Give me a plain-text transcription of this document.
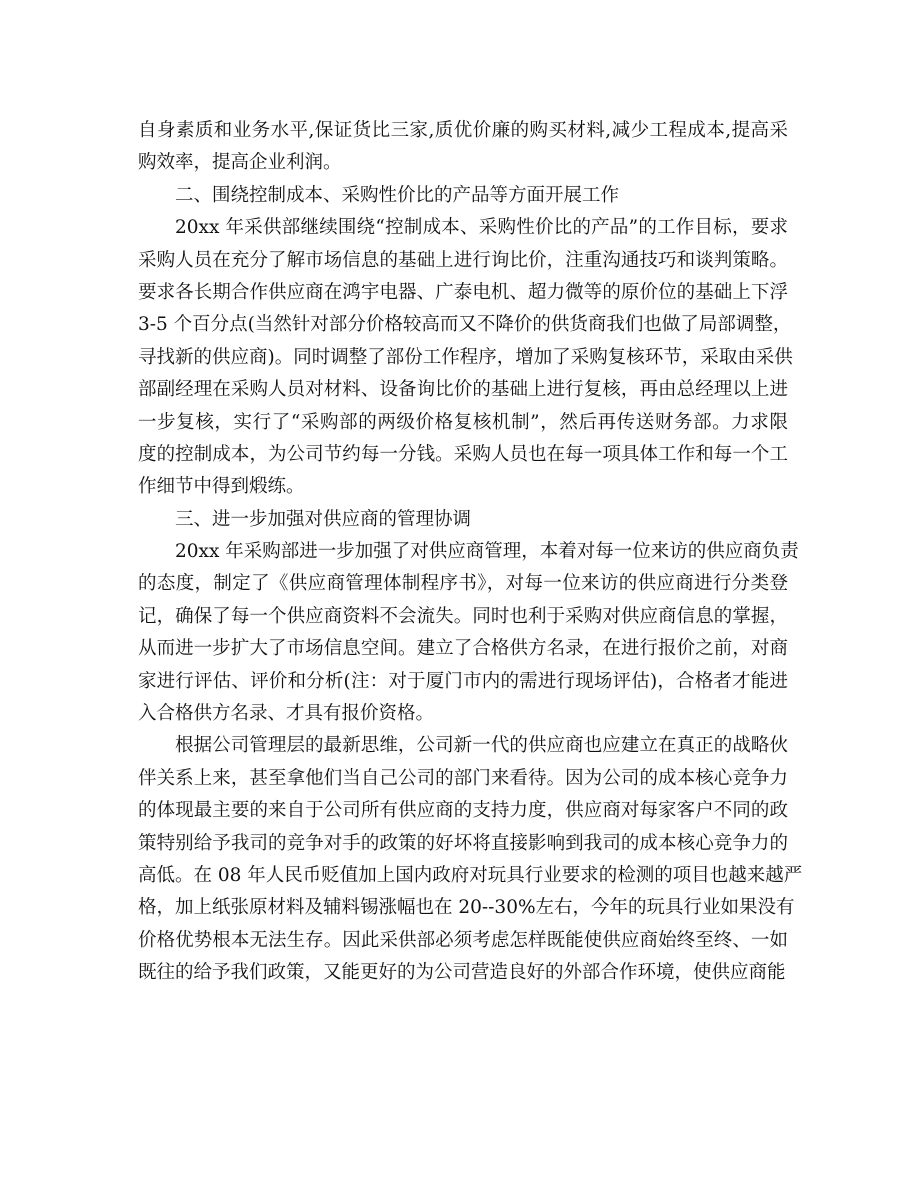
自身素质和业务水平,保证货比三家,质优价廉的购买材料,减少工程成本,提高采
购效率，提高企业利润。
二、围绕控制成本、采购性价比的产品等方面开展工作
20xx 年采供部继续围绕“控制成本、采购性价比的产品”的工作目标，要求
采购人员在充分了解市场信息的基础上进行询比价，注重沟通技巧和谈判策略。
要求各长期合作供应商在鸿宇电器、广泰电机、超力微等的原价位的基础上下浮
3-5 个百分点(当然针对部分价格较高而又不降价的供货商我们也做了局部调整，
寻找新的供应商)。同时调整了部份工作程序，增加了采购复核环节，采取由采供
部副经理在采购人员对材料、设备询比价的基础上进行复核，再由总经理以上进
一步复核，实行了“采购部的两级价格复核机制”，然后再传送财务部。力求限
度的控制成本，为公司节约每一分钱。采购人员也在每一项具体工作和每一个工
作细节中得到煅练。
三、进一步加强对供应商的管理协调
20xx 年采购部进一步加强了对供应商管理，本着对每一位来访的供应商负责
的态度，制定了《供应商管理体制程序书》，对每一位来访的供应商进行分类登
记，确保了每一个供应商资料不会流失。同时也利于采购对供应商信息的掌握，
从而进一步扩大了市场信息空间。建立了合格供方名录，在进行报价之前，对商
家进行评估、评价和分析(注：对于厦门市内的需进行现场评估)，合格者才能进
入合格供方名录、才具有报价资格。
根据公司管理层的最新思维，公司新一代的供应商也应建立在真正的战略伙
伴关系上来，甚至拿他们当自己公司的部门来看待。因为公司的成本核心竞争力
的体现最主要的来自于公司所有供应商的支持力度，供应商对每家客户不同的政
策特别给予我司的竞争对手的政策的好坏将直接影响到我司的成本核心竞争力的
高低。在 08 年人民币贬值加上国内政府对玩具行业要求的检测的项目也越来越严
格，加上纸张原材料及辅料锡涨幅也在 20--30%左右，今年的玩具行业如果没有
价格优势根本无法生存。因此采供部必须考虑怎样既能使供应商始终至终、一如
既往的给予我们政策，又能更好的为公司营造良好的外部合作环境，使供应商能
